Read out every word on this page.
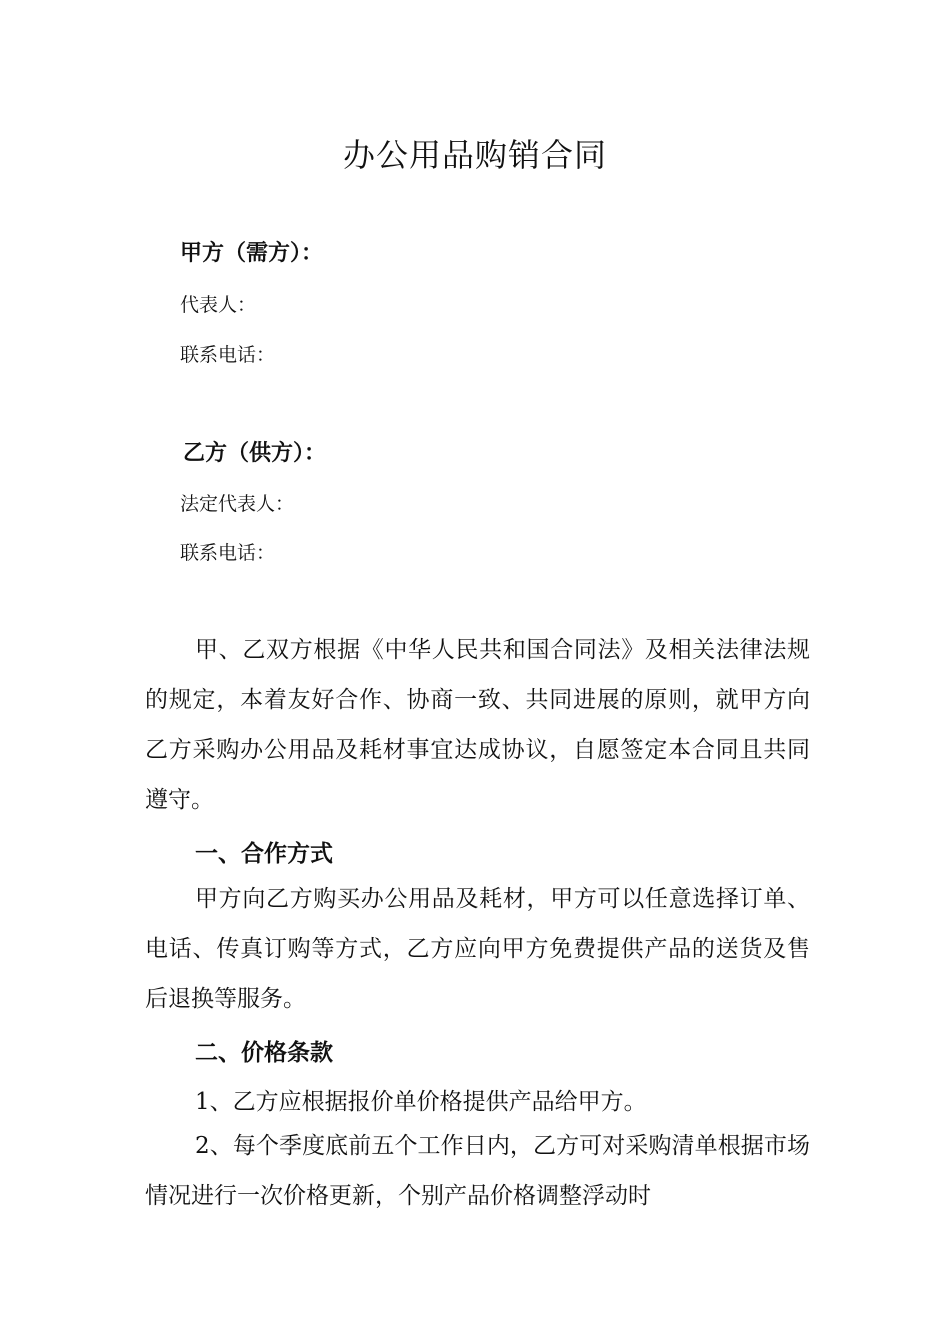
办公用品购销合同

甲方（需方）：

代表人：

联系电话：

乙方（供方）：

法定代表人：

联系电话：

甲、乙双方根据《中华人民共和国合同法》及相关法律法规的规定，本着友好合作、协商一致、共同进展的原则，就甲方向乙方采购办公用品及耗材事宜达成协议，自愿签定本合同且共同遵守。

一、合作方式

甲方向乙方购买办公用品及耗材，甲方可以任意选择订单、电话、传真订购等方式，乙方应向甲方免费提供产品的送货及售后退换等服务。

二、价格条款

1、乙方应根据报价单价格提供产品给甲方。

2、每个季度底前五个工作日内，乙方可对采购清单根据市场情况进行一次价格更新，个别产品价格调整浮动时
